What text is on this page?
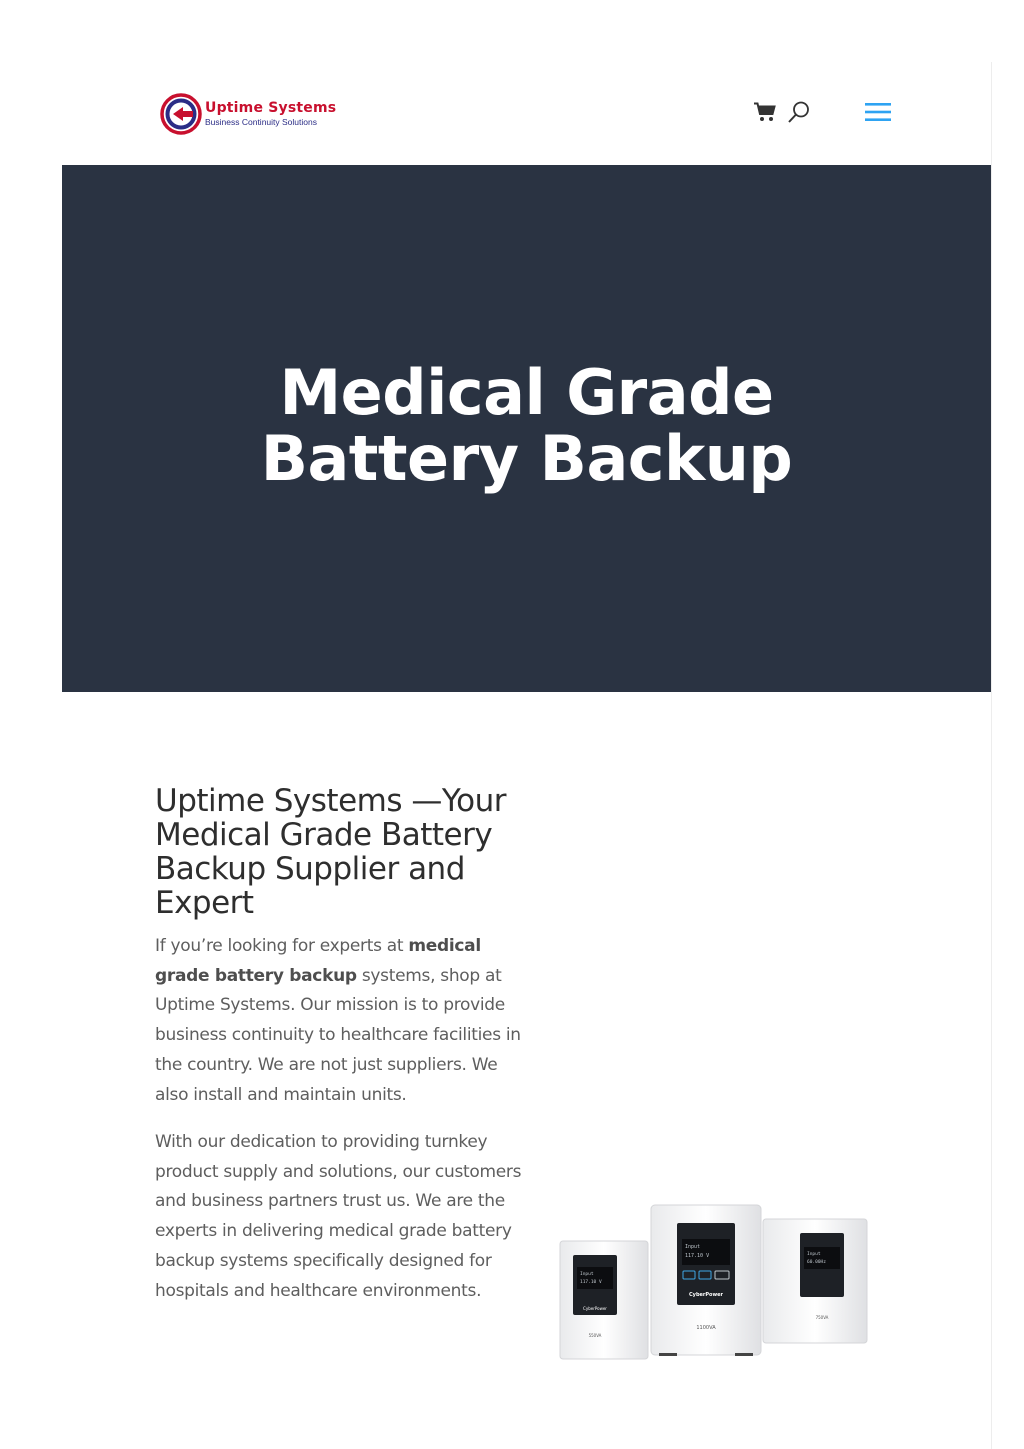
Uptime Systems
Business Continuity Solutions
Medical Grade
Battery Backup
Uptime Systems —Your Medical Grade Battery Backup Supplier and Expert

If you’re looking for experts at medical grade battery backup systems, shop at Uptime Systems. Our mission is to provide business continuity to healthcare facilities in the country. We are not just suppliers. We also install and maintain units.

With our dedication to providing turnkey product supply and solutions, our customers and business partners trust us. We are the experts in delivering medical grade battery backup systems specifically designed for hospitals and healthcare environments.

Input
117.10 V
CyberPower
550VA
Input
60.00Hz
750VA
Input
117.10 V
CyberPower
1100VA
